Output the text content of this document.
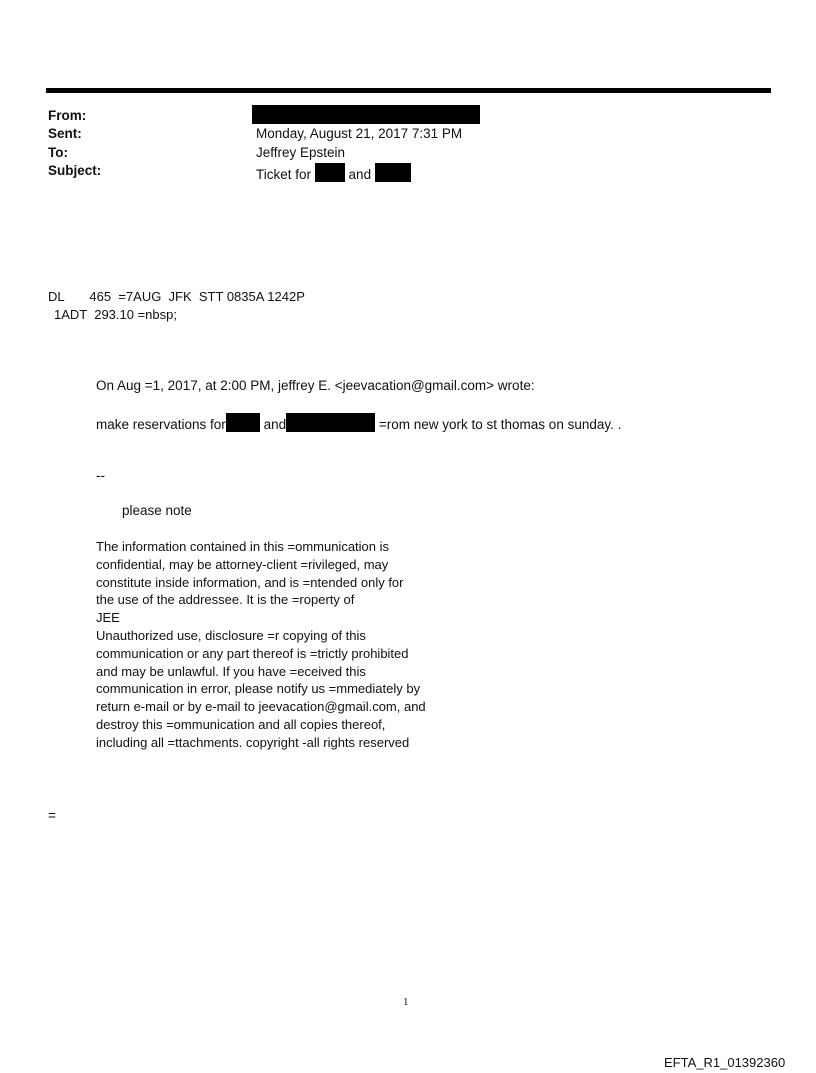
From:
Sent:	Monday, August 21, 2017 7:31 PM
To:	Jeffrey Epstein
Subject:	Ticket for	and
DL       465  =7AUG  JFK  STT 0835A 1242P
1ADT  293.10 =nbsp;
On Aug =1, 2017, at 2:00 PM, jeffrey E. <jeevacation@gmail.com> wrote:
make reservations for	and	=rom new york to st thomas on sunday. .
--
please note
The information contained in this =ommunication is
confidential, may be attorney-client =rivileged, may
constitute inside information, and is =ntended only for
the use of the addressee. It is the =roperty of
JEE
Unauthorized use, disclosure =r copying of this
communication or any part thereof is =trictly prohibited
and may be unlawful. If you have =eceived this
communication in error, please notify us =mmediately by
return e-mail or by e-mail to jeevacation@gmail.com, and
destroy this =ommunication and all copies thereof,
including all =ttachments. copyright -all rights reserved
=
1
EFTA_R1_01392360
